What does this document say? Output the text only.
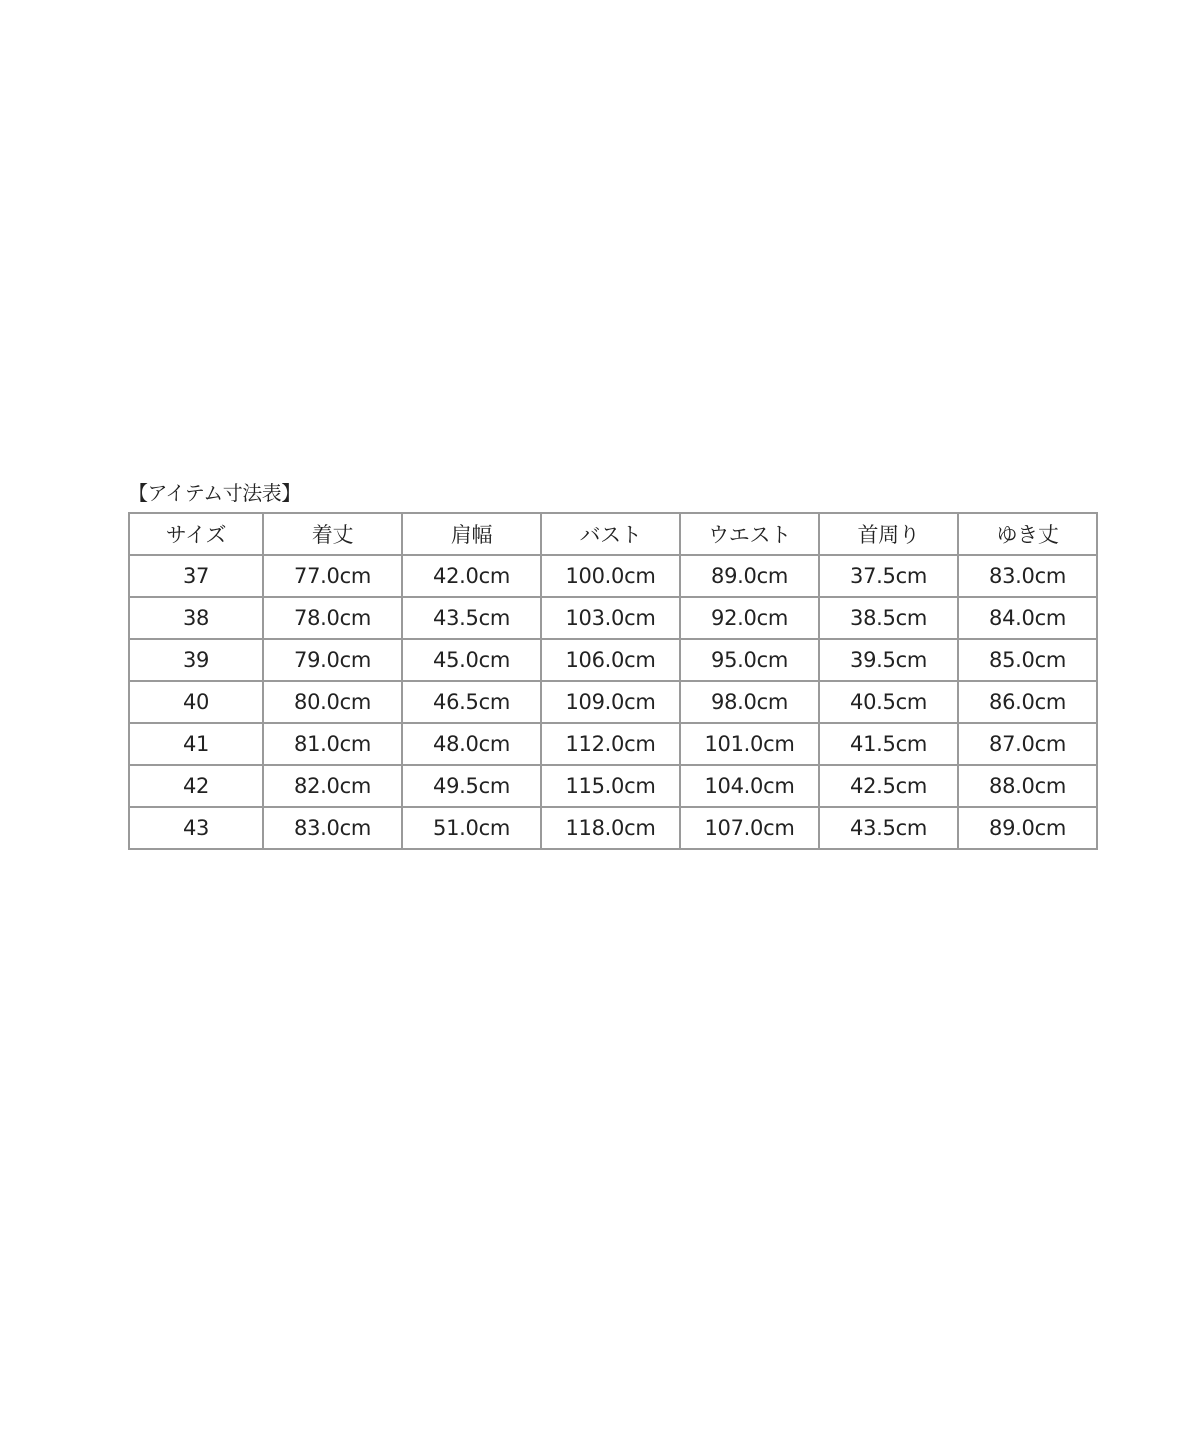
【アイテム寸法表】
サイズ	着丈	肩幅	バスト	ウエスト	首周り	ゆき丈
37	77.0cm	42.0cm	100.0cm	89.0cm	37.5cm	83.0cm
38	78.0cm	43.5cm	103.0cm	92.0cm	38.5cm	84.0cm
39	79.0cm	45.0cm	106.0cm	95.0cm	39.5cm	85.0cm
40	80.0cm	46.5cm	109.0cm	98.0cm	40.5cm	86.0cm
41	81.0cm	48.0cm	112.0cm	101.0cm	41.5cm	87.0cm
42	82.0cm	49.5cm	115.0cm	104.0cm	42.5cm	88.0cm
43	83.0cm	51.0cm	118.0cm	107.0cm	43.5cm	89.0cm
